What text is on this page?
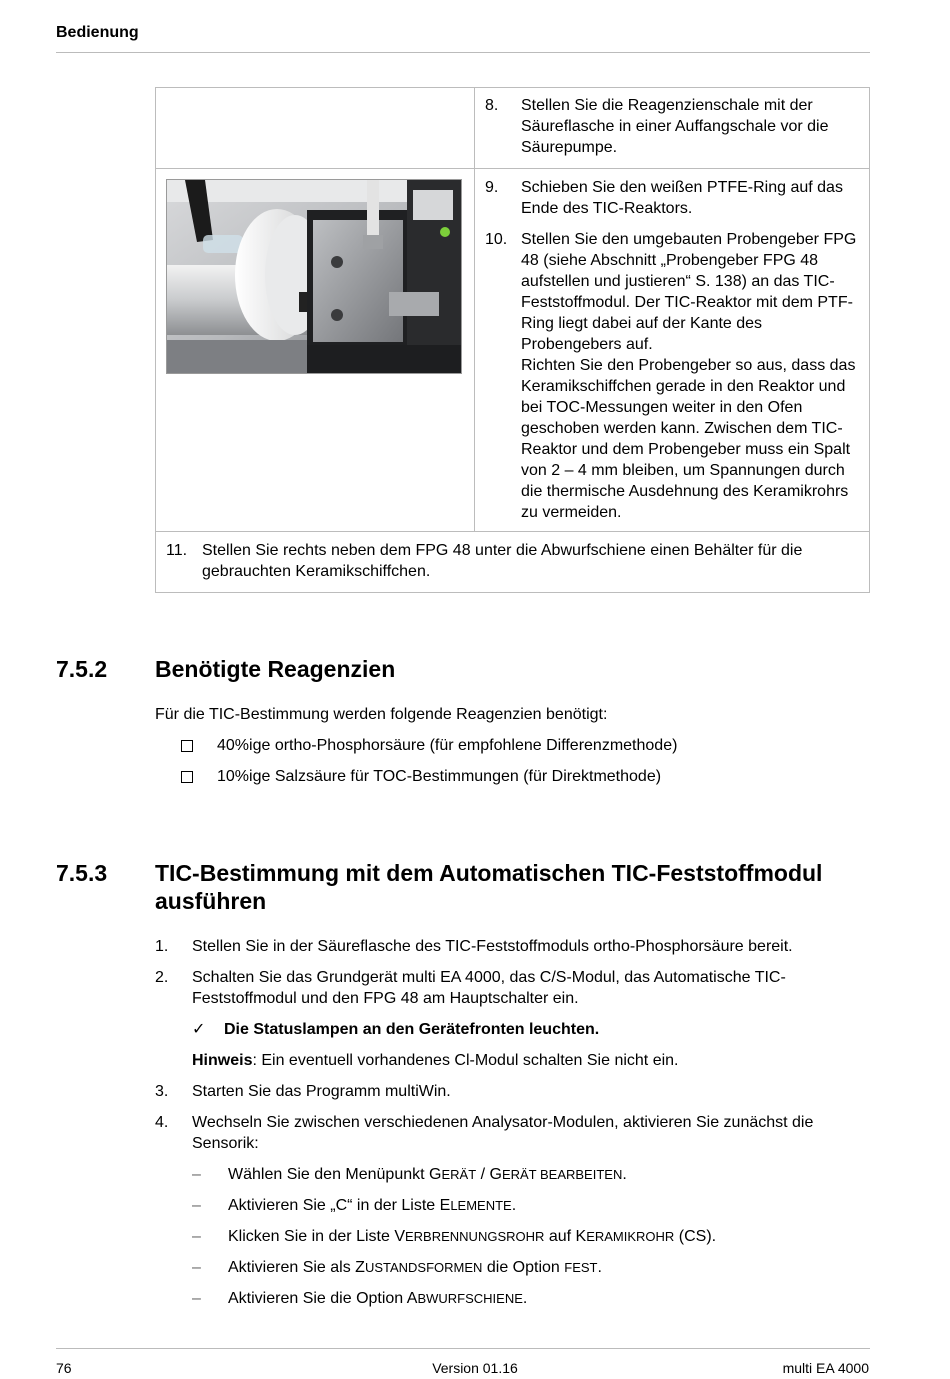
Bedienung

	8. Stellen Sie die Reagenzienschale mit der Säureflasche in einer Auffangschale vor die Säurepumpe.

9. Schieben Sie den weißen PTFE-Ring auf das Ende des TIC-Reaktors.
10. Stellen Sie den umgebauten Probengeber FPG 48 (siehe Abschnitt „Probengeber FPG 48 aufstellen und justieren“ S. 138) an das TIC-Feststoffmodul. Der TIC-Reaktor mit dem PTF-Ring liegt dabei auf der Kante des Probengebers auf.
Richten Sie den Probengeber so aus, dass das Keramikschiffchen gerade in den Reaktor und bei TOC-Messungen weiter in den Ofen geschoben werden kann. Zwischen dem TIC-Reaktor und dem Probengeber muss ein Spalt von 2 – 4 mm bleiben, um Spannungen durch die thermische Ausdehnung des Keramikrohrs zu vermeiden.

11. Stellen Sie rechts neben dem FPG 48 unter die Abwurfschiene einen Behälter für die gebrauchten Keramikschiffchen.	
7.5.2 Benötigte Reagenzien
Für die TIC-Bestimmung werden folgende Reagenzien benötigt:
40%ige ortho-Phosphorsäure (für empfohlene Differenzmethode)
10%ige Salzsäure für TOC-Bestimmungen (für Direktmethode)
7.5.3 TIC-Bestimmung mit dem Automatischen TIC-Feststoffmodul ausführen
1.	Stellen Sie in der Säureflasche des TIC-Feststoffmoduls ortho-Phosphorsäure bereit.
2.	Schalten Sie das Grundgerät multi EA 4000, das C/S-Modul, das Automatische TIC-Feststoffmodul und den FPG 48 am Hauptschalter ein.
✓	Die Statuslampen an den Gerätefronten leuchten.
Hinweis: Ein eventuell vorhandenes Cl-Modul schalten Sie nicht ein.
3.	Starten Sie das Programm multiWin.
4.	Wechseln Sie zwischen verschiedenen Analysator-Modulen, aktivieren Sie zunächst die Sensorik:
–	Wählen Sie den Menüpunkt GERÄT / GERÄT BEARBEITEN.
–	Aktivieren Sie „C“ in der Liste ELEMENTE.
–	Klicken Sie in der Liste VERBRENNUNGSROHR auf KERAMIKROHR (CS).
–	Aktivieren Sie als ZUSTANDSFORMEN die Option FEST.
–	Aktivieren Sie die Option ABWURFSCHIENE.
76	Version 01.16	multi EA 4000
